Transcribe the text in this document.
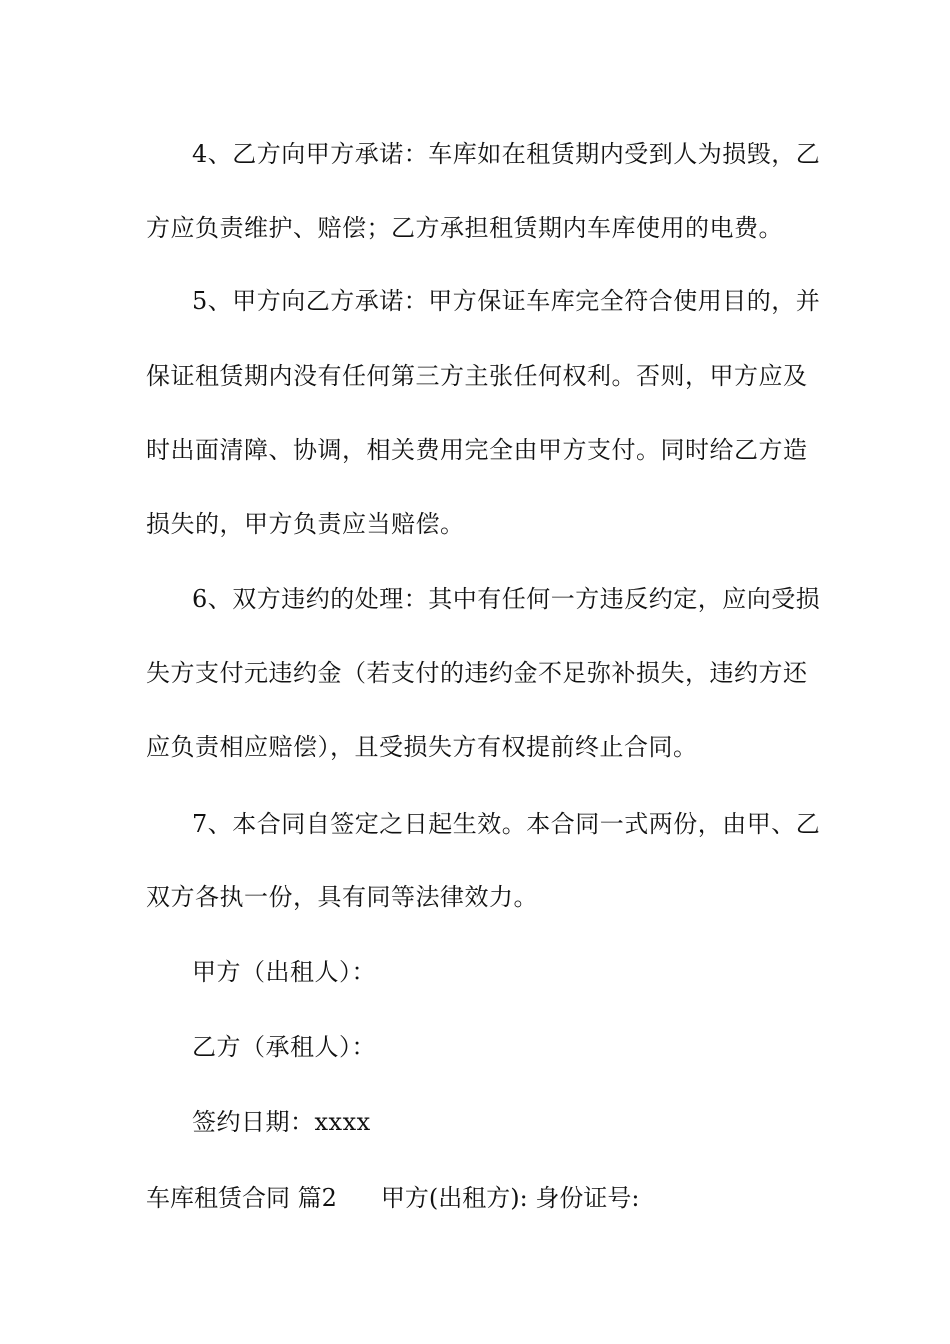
4、乙方向甲方承诺：车库如在租赁期内受到人为损毁，乙
方应负责维护、赔偿；乙方承担租赁期内车库使用的电费。
5、甲方向乙方承诺：甲方保证车库完全符合使用目的，并
保证租赁期内没有任何第三方主张任何权利。否则，甲方应及
时出面清障、协调，相关费用完全由甲方支付。同时给乙方造
损失的，甲方负责应当赔偿。
6、双方违约的处理：其中有任何一方违反约定，应向受损
失方支付元违约金（若支付的违约金不足弥补损失，违约方还
应负责相应赔偿），且受损失方有权提前终止合同。
7、本合同自签定之日起生效。本合同一式两份，由甲、乙
双方各执一份，具有同等法律效力。
甲方（出租人）：
乙方（承租人）：
签约日期：xxxx
车库租赁合同 篇2 甲方(出租方): 身份证号:
